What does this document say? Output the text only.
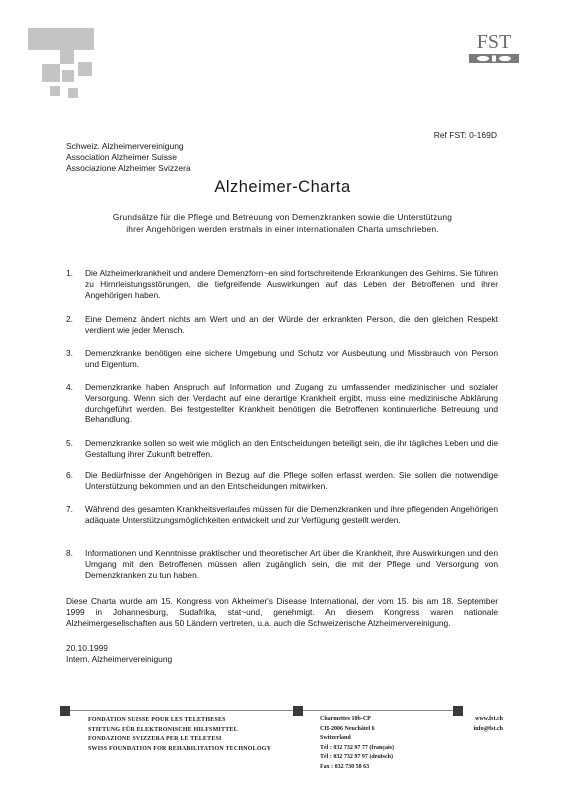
FST
Ref FST: 0-169D
Schweiz. Alzheimervereinigung
Association Alzheimer Suisse
Associazione Alzheimer Svizzera
Alzheimer-Charta
Grundsätze für die Pflege und Betreuung von Demenzkranken sowie die Unterstützung ihrer Angehörigen werden erstmals in einer internationalen Charta umschrieben.
1. Die Alzheimerkrankheit und andere Demenzforn~en sind fortschreitende Erkrankungen des Gehirns. Sie führen zu Hirnrleistungsstörungen, die tiefgreifende Auswirkungen auf das Leben der Betroffenen und ihrer Angehörigen haben.
2. Eine Demenz ändert nichts am Wert und an der Würde der erkrankten Person, die den gleichen Respekt verdient wie jeder Mensch.
3. Demenzkranke benötigen eine sichere Umgebung und Schutz vor Ausbeutung und Missbrauch von Person und Eigentum.
4. Demenzkranke haben Anspruch auf Information und Zugang zu umfassender medizinischer und sozialer Versorgung. Wenn sich der Verdacht auf eine derartige Krankheit ergibt, muss eine medizinische Abklärung durchgeführt werden. Bei festgestellter Krankheit benötigen die Betroffenen kontinuierliche Betreuung und Behandlung.
5. Demenzkranke sollen so weit wie möglich an den Entscheidungen beteiligt sein, die ihr tägliches Leben und die Gestaltung ihrer Zukunft betreffen.
6. Die Bedürfnisse der Angehörigen in Bezug auf die Pflege sollen erfasst werden. Sie sollen die notwendige Unterstützung bekommen und an den Entscheidungen mitwirken.
7. Während des gesamten Krankheitsverlaufes müssen für die Demenzkranken und ihre pflegenden Angehörigen adäquate Unterstützungsmöglichkeiten entwickelt und zur Verfügung gestellt werden.
8. Informationen und Kenntnisse praktischer und theoretischer Art über die Krankheit, ihre Auswirkungen und den Umgang mit den Betroffenen müssen allen zugänglich sein, die mit der Pflege und Versorgung von Demenzkranken zu tun haben.
Diese Charta wurde am 15. Kongress von Akheimer's Disease International, der vom 15. bis am 18. September 1999 in Johannesburg, Sudafrika, stat~und, genehmigt. An diesem Kongress waren nationale Alzheimergesellschaften aus 50 Ländern vertreten, u.a. auch die Schweizerische Alzheimervereinigung.
20.10.1999
Intern. Alzheimervereinigung
FONDATION SUISSE POUR LES TELETHESES
STIFTUNG FÜR ELEKTRONISCHE HILFSMITTEL
FONDAZIONE SVIZZERA PER LE TELETESI
SWISS FOUNDATION FOR REHABILITATION TECHNOLOGY
Charmettes 10b-CP
CH-2006 Neuchâtel 6
Switzerland
Tél : 032 732 97 77 (français)
Tél : 032 732 97 97 (deutsch)
Fax : 032 730 58 63
www.fst.ch
info@fst.ch
